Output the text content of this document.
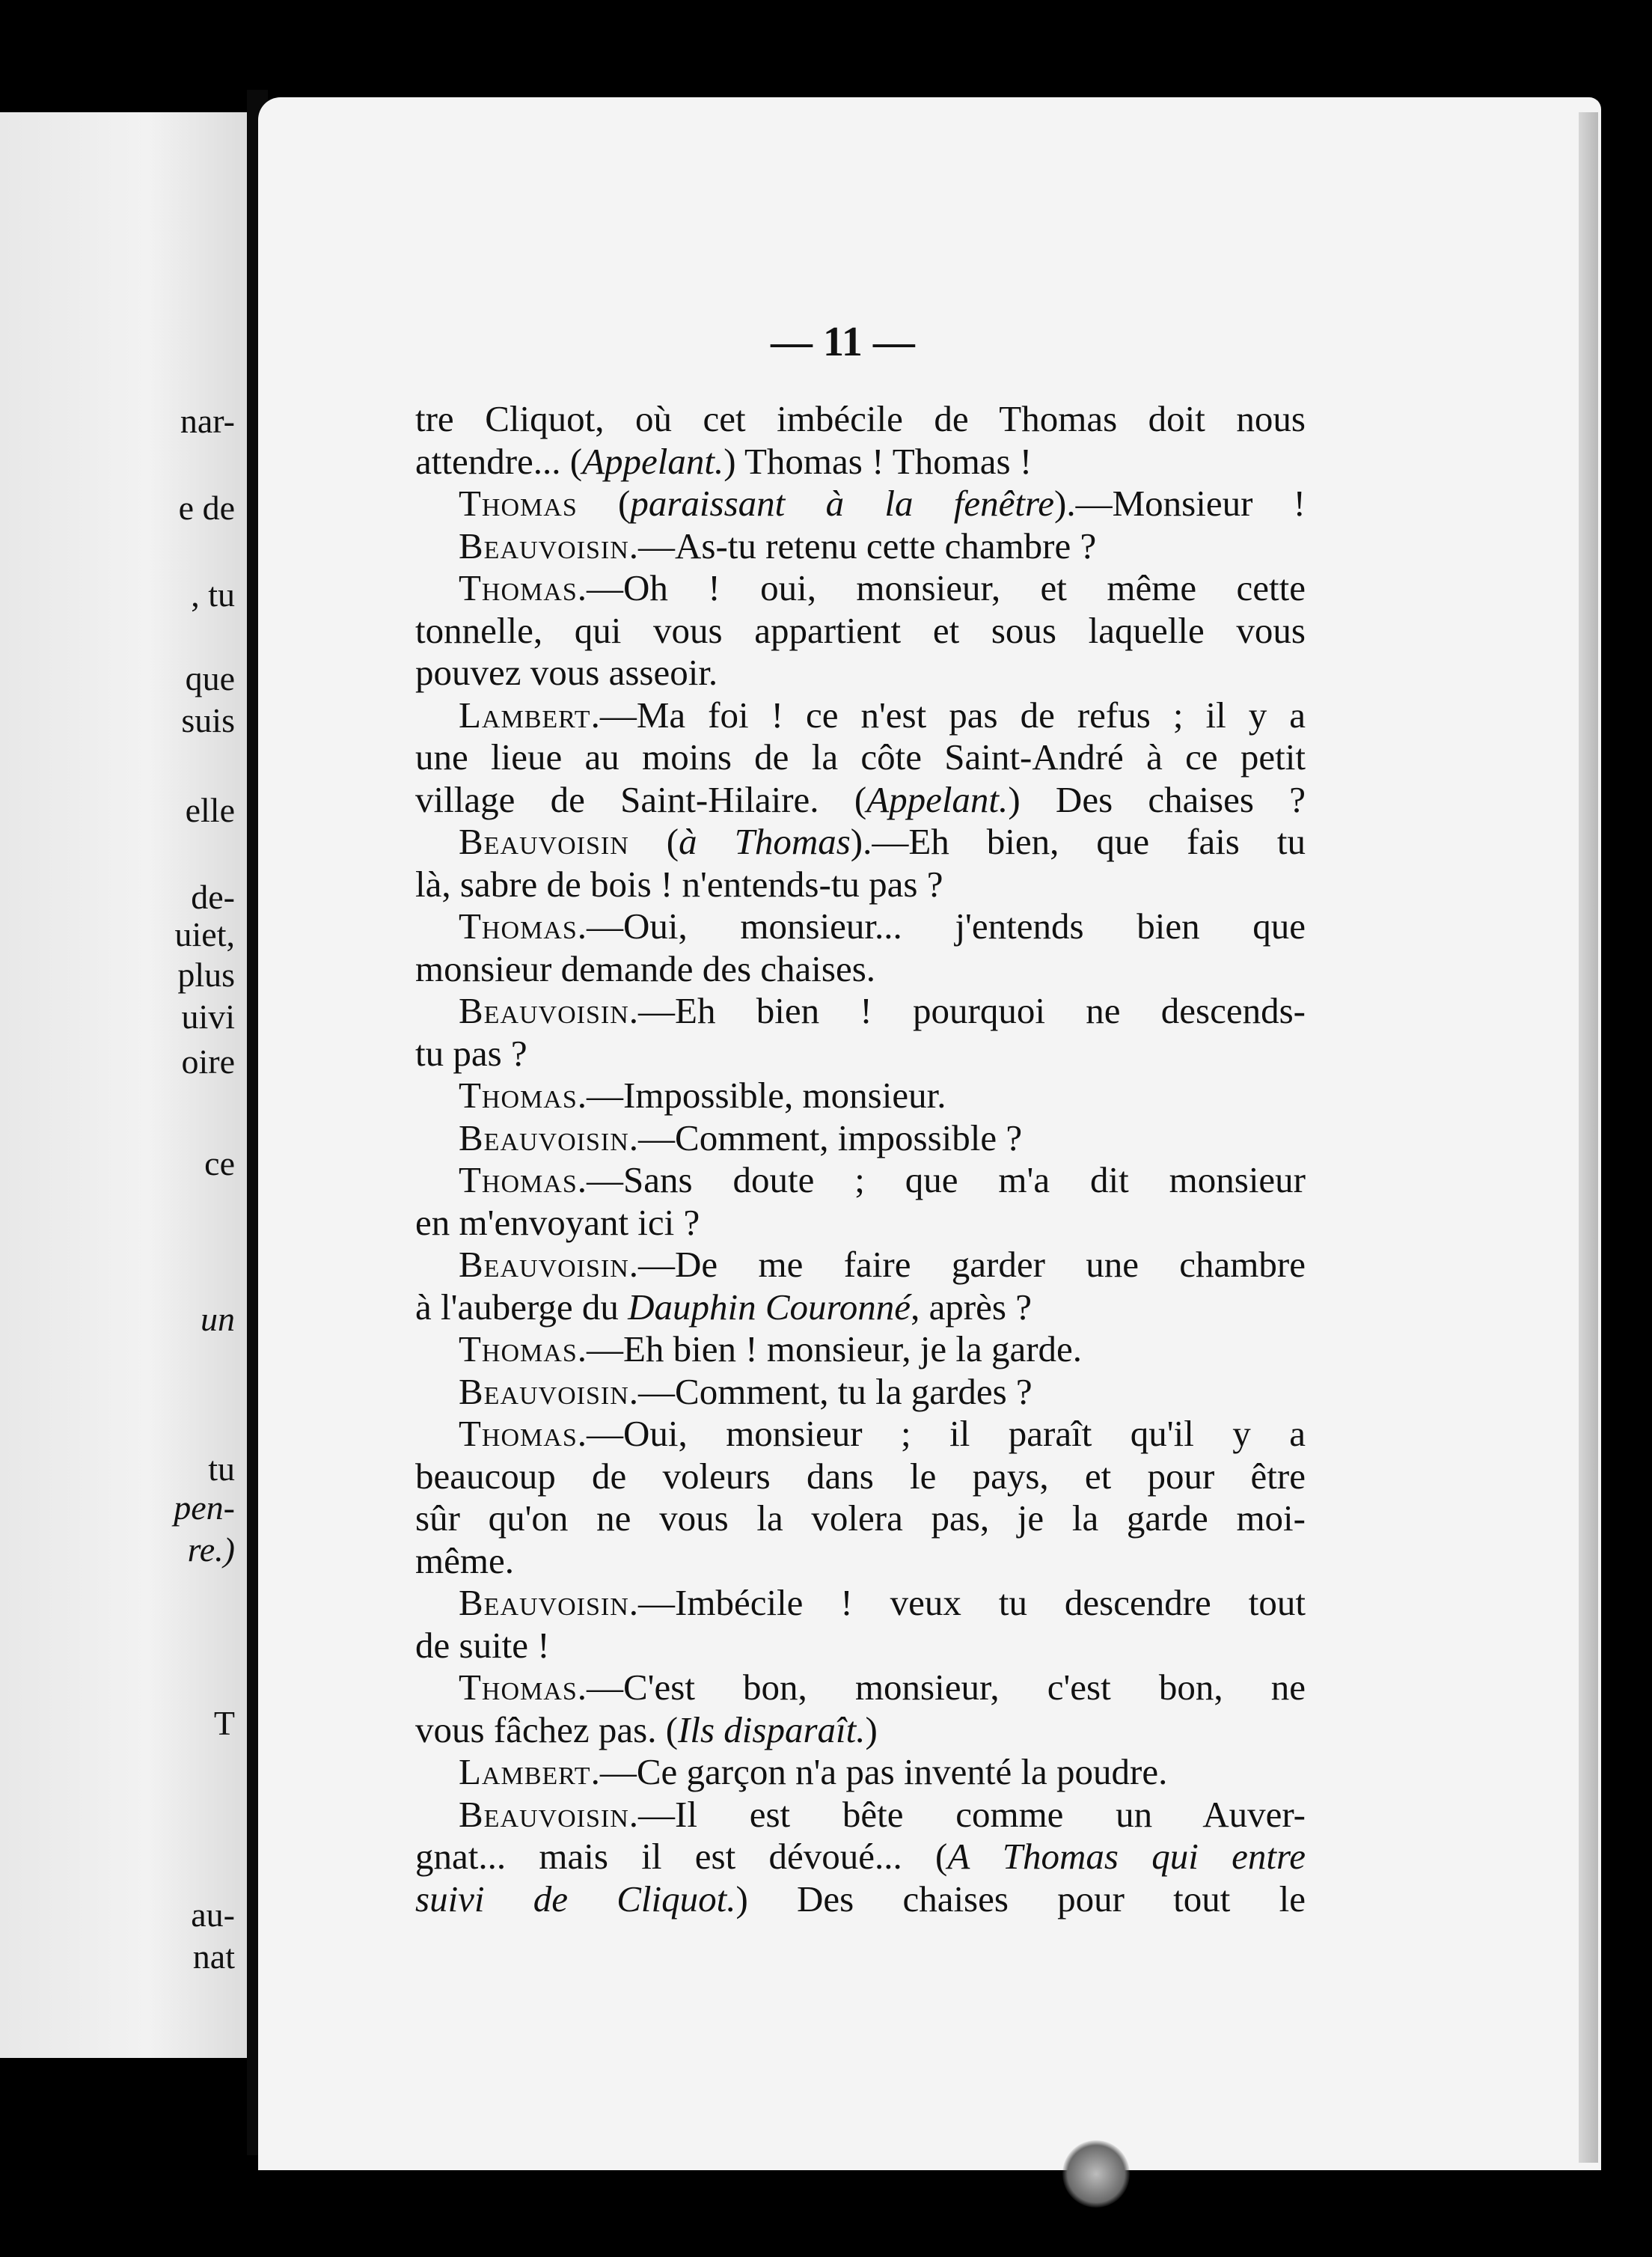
nar-
e de
, tu
que
suis
elle
de-
uiet,
plus
uivi
oire
ce
un
tu
pen-
re.)
T
au-
nat
— 11 —
tre Cliquot, où cet imbécile de Thomas doit nous
attendre... (Appelant.) Thomas ! Thomas !
Thomas (paraissant à la fenêtre).—Monsieur !
Beauvoisin.—As-tu retenu cette chambre ?
Thomas.—Oh ! oui, monsieur, et même cette
tonnelle, qui vous appartient et sous laquelle vous
pouvez vous asseoir.
Lambert.—Ma foi ! ce n'est pas de refus ; il y a
une lieue au moins de la côte Saint-André à ce petit
village de Saint-Hilaire. (Appelant.) Des chaises ?
Beauvoisin (à Thomas).—Eh bien, que fais tu
là, sabre de bois ! n'entends-tu pas ?
Thomas.—Oui, monsieur... j'entends bien que
monsieur demande des chaises.
Beauvoisin.—Eh bien ! pourquoi ne descends-
tu pas ?
Thomas.—Impossible, monsieur.
Beauvoisin.—Comment, impossible ?
Thomas.—Sans doute ; que m'a dit monsieur
en m'envoyant ici ?
Beauvoisin.—De me faire garder une chambre
à l'auberge du Dauphin Couronné, après ?
Thomas.—Eh bien ! monsieur, je la garde.
Beauvoisin.—Comment, tu la gardes ?
Thomas.—Oui, monsieur ; il paraît qu'il y a
beaucoup de voleurs dans le pays, et pour être
sûr qu'on ne vous la volera pas, je la garde moi-
même.
Beauvoisin.—Imbécile ! veux tu descendre tout
de suite !
Thomas.—C'est bon, monsieur, c'est bon, ne
vous fâchez pas. (Ils disparaît.)
Lambert.—Ce garçon n'a pas inventé la poudre.
Beauvoisin.—Il est bête comme un Auver-
gnat... mais il est dévoué... (A Thomas qui entre
suivi de Cliquot.) Des chaises pour tout le
